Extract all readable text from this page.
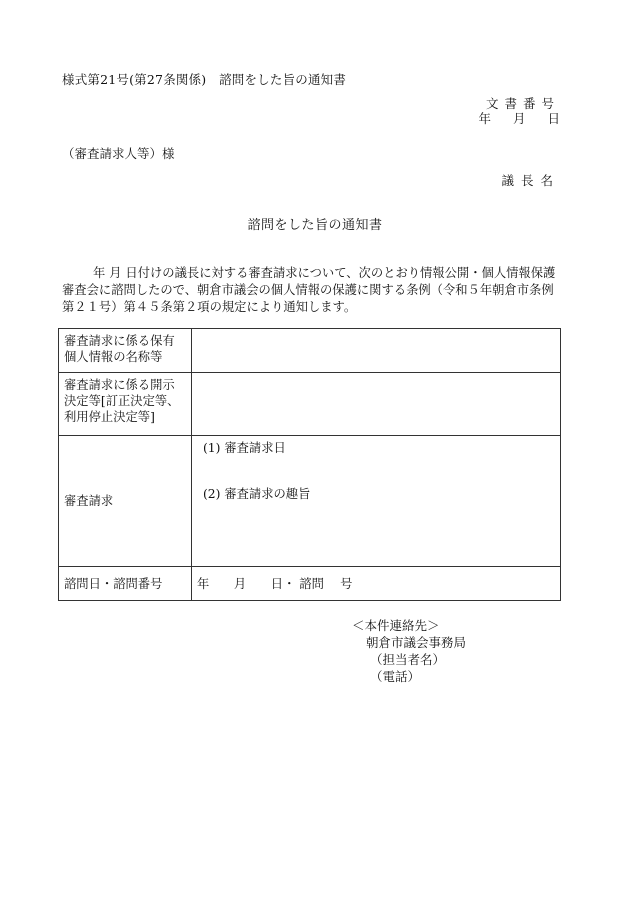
様式第21号(第27条関係)　諮問をした旨の通知書
文書番号
年 月 日
（審査請求人等）様
議長名
諮問をした旨の通知書
年 月 日付けの議長に対する審査請求について、次のとおり情報公開・個人情報保護審査会に諮問したので、朝倉市議会の個人情報の保護に関する条例（令和５年朝倉市条例第２１号）第４５条第２項の規定により通知します。
審査請求に係る保有個人情報の名称等	
審査請求に係る開示決定等[訂正決定等、利用停止決定等]	
審査請求	(1) 審査請求日
(2) 審査請求の趣旨

諮問日・諮問番号	年　　月　　日・ 諮問　 号
＜本件連絡先＞
朝倉市議会事務局
（担当者名）
（電話）
